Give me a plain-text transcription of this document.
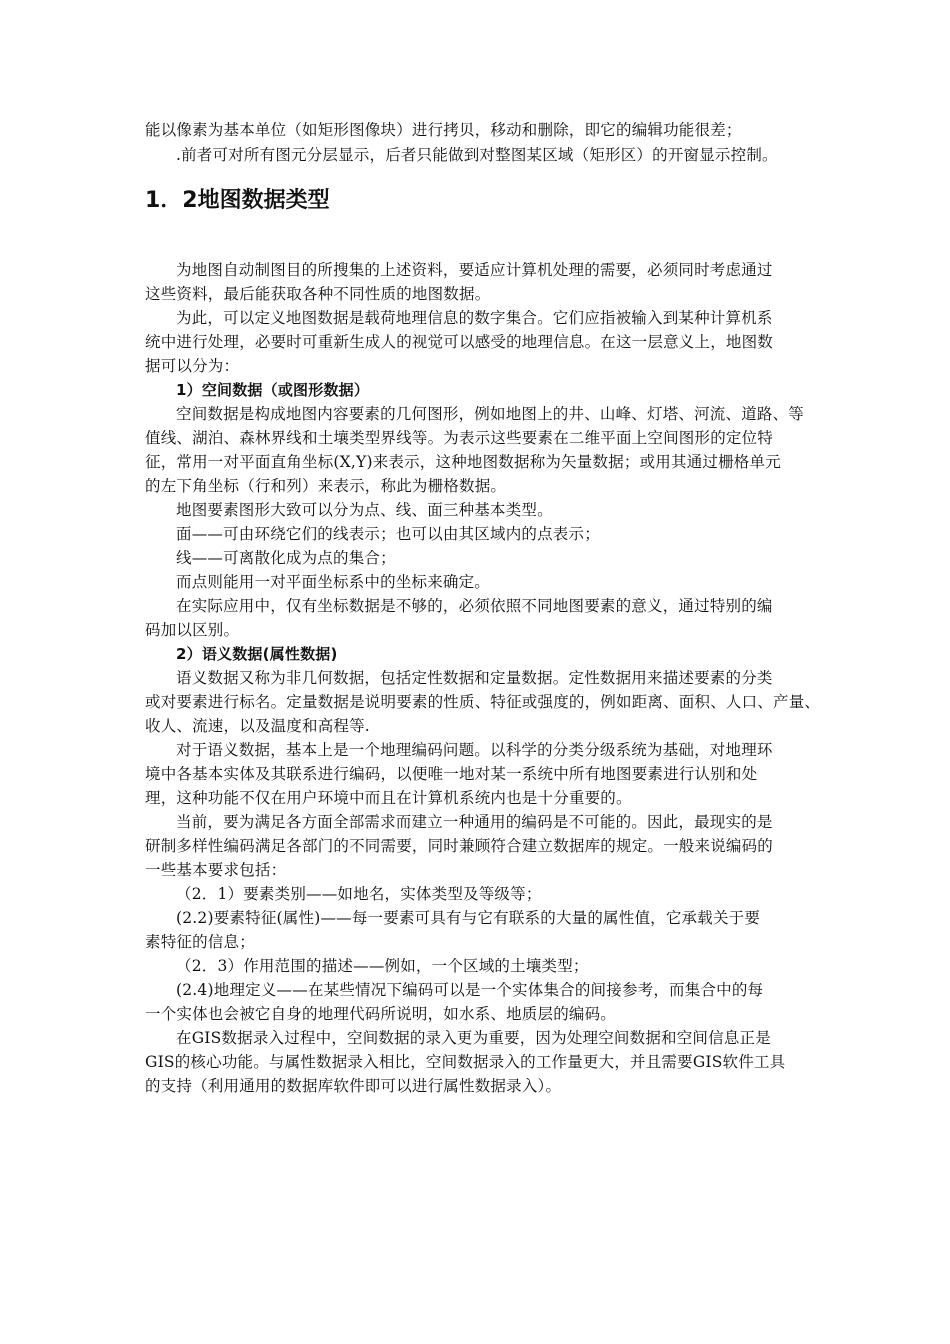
能以像素为基本单位（如矩形图像块）进行拷贝，移动和删除，即它的编辑功能很差；
.前者可对所有图元分层显示，后者只能做到对整图某区域（矩形区）的开窗显示控制。
1．2地图数据类型
为地图自动制图目的所搜集的上述资料，要适应计算机处理的需要，必须同时考虑通过
这些资料，最后能获取各种不同性质的地图数据。
为此，可以定义地图数据是载荷地理信息的数字集合。它们应指被输入到某种计算机系
统中进行处理，必要时可重新生成人的视觉可以感受的地理信息。在这一层意义上，地图数
据可以分为：
1）空间数据（或图形数据）
空间数据是构成地图内容要素的几何图形，例如地图上的井、山峰、灯塔、河流、道路、等
值线、湖泊、森林界线和土壤类型界线等。为表示这些要素在二维平面上空间图形的定位特
征，常用一对平面直角坐标(X,Y)来表示，这种地图数据称为矢量数据；或用其通过栅格单元
的左下角坐标（行和列）来表示，称此为栅格数据。
地图要素图形大致可以分为点、线、面三种基本类型。
面——可由环绕它们的线表示；也可以由其区域内的点表示；
线——可离散化成为点的集合；
而点则能用一对平面坐标系中的坐标来确定。
在实际应用中，仅有坐标数据是不够的，必须依照不同地图要素的意义，通过特别的编
码加以区别。
2）语义数据(属性数据)
语义数据又称为非几何数据，包括定性数据和定量数据。定性数据用来描述要素的分类
或对要素进行标名。定量数据是说明要素的性质、特征或强度的，例如距离、面积、人口、产量、
收人、流速，以及温度和高程等.
对于语义数据，基本上是一个地理编码问题。以科学的分类分级系统为基础，对地理环
境中各基本实体及其联系进行编码，以便唯一地对某一系统中所有地图要素进行认别和处
理，这种功能不仅在用户环境中而且在计算机系统内也是十分重要的。
当前，要为满足各方面全部需求而建立一种通用的编码是不可能的。因此，最现实的是
研制多样性编码满足各部门的不同需要，同时兼顾符合建立数据库的规定。一般来说编码的
一些基本要求包括：
（2．1）要素类别——如地名，实体类型及等级等；
(2.2)要素特征(属性)——每一要素可具有与它有联系的大量的属性值，它承载关于要
素特征的信息；
（2．3）作用范围的描述——例如，一个区域的土壤类型；
(2.4)地理定义——在某些情况下编码可以是一个实体集合的间接参考，而集合中的每
一个实体也会被它自身的地理代码所说明，如水系、地质层的编码。
在GIS数据录入过程中，空间数据的录入更为重要，因为处理空间数据和空间信息正是
GIS的核心功能。与属性数据录入相比，空间数据录入的工作量更大，并且需要GIS软件工具
的支持（利用通用的数据库软件即可以进行属性数据录入）。
